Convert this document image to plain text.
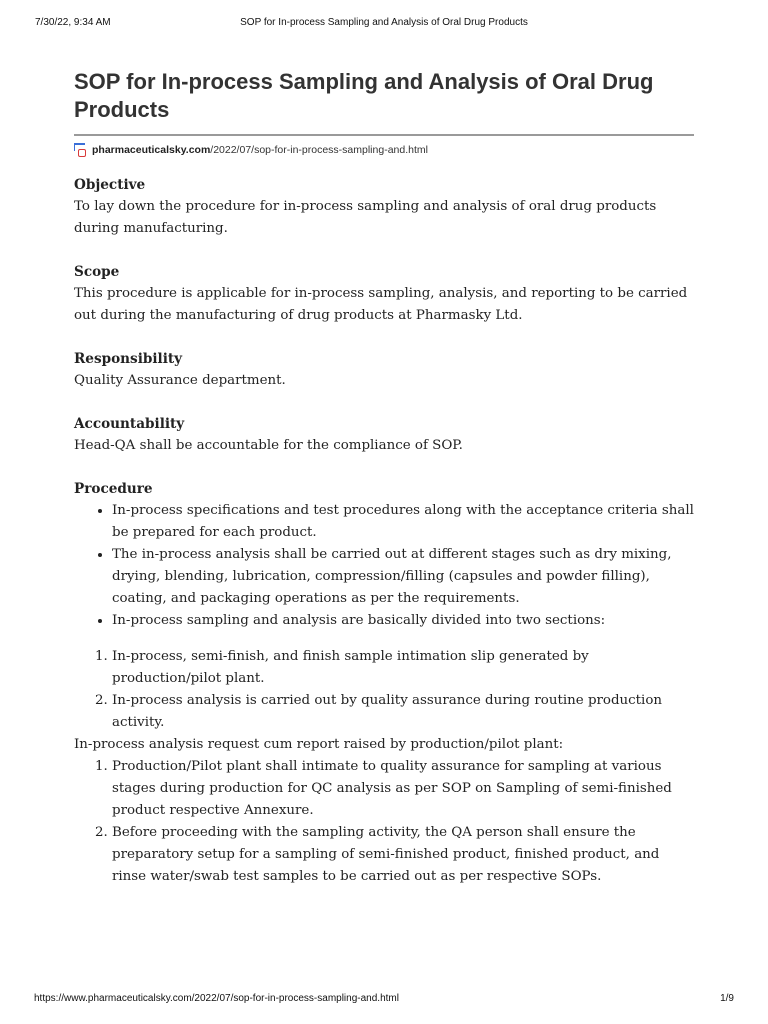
7/30/22, 9:34 AM	SOP for In-process Sampling and Analysis of Oral Drug Products
SOP for In-process Sampling and Analysis of Oral Drug Products
pharmaceuticalsky.com /2022/07/sop-for-in-process-sampling-and.html
Objective

To lay down the procedure for in-process sampling and analysis of oral drug products during manufacturing.

Scope

This procedure is applicable for in-process sampling, analysis, and reporting to be carried out during the manufacturing of drug products at Pharmasky Ltd.

Responsibility

Quality Assurance department.

Accountability

Head-QA shall be accountable for the compliance of SOP.

Procedure
• In-process specifications and test procedures along with the acceptance criteria shall be prepared for each product.
• The in-process analysis shall be carried out at different stages such as dry mixing, drying, blending, lubrication, compression/filling (capsules and powder filling), coating, and packaging operations as per the requirements.
• In-process sampling and analysis are basically divided into two sections:
1. In-process, semi-finish, and finish sample intimation slip generated by production/pilot plant.
2. In-process analysis is carried out by quality assurance during routine production activity.

In-process analysis request cum report raised by production/pilot plant:

1. Production/Pilot plant shall intimate to quality assurance for sampling at various stages during production for QC analysis as per SOP on Sampling of semi-finished product respective Annexure.
2. Before proceeding with the sampling activity, the QA person shall ensure the preparatory setup for a sampling of semi-finished product, finished product, and rinse water/swab test samples to be carried out as per respective SOPs.
https://www.pharmaceuticalsky.com/2022/07/sop-for-in-process-sampling-and.html	1/9
